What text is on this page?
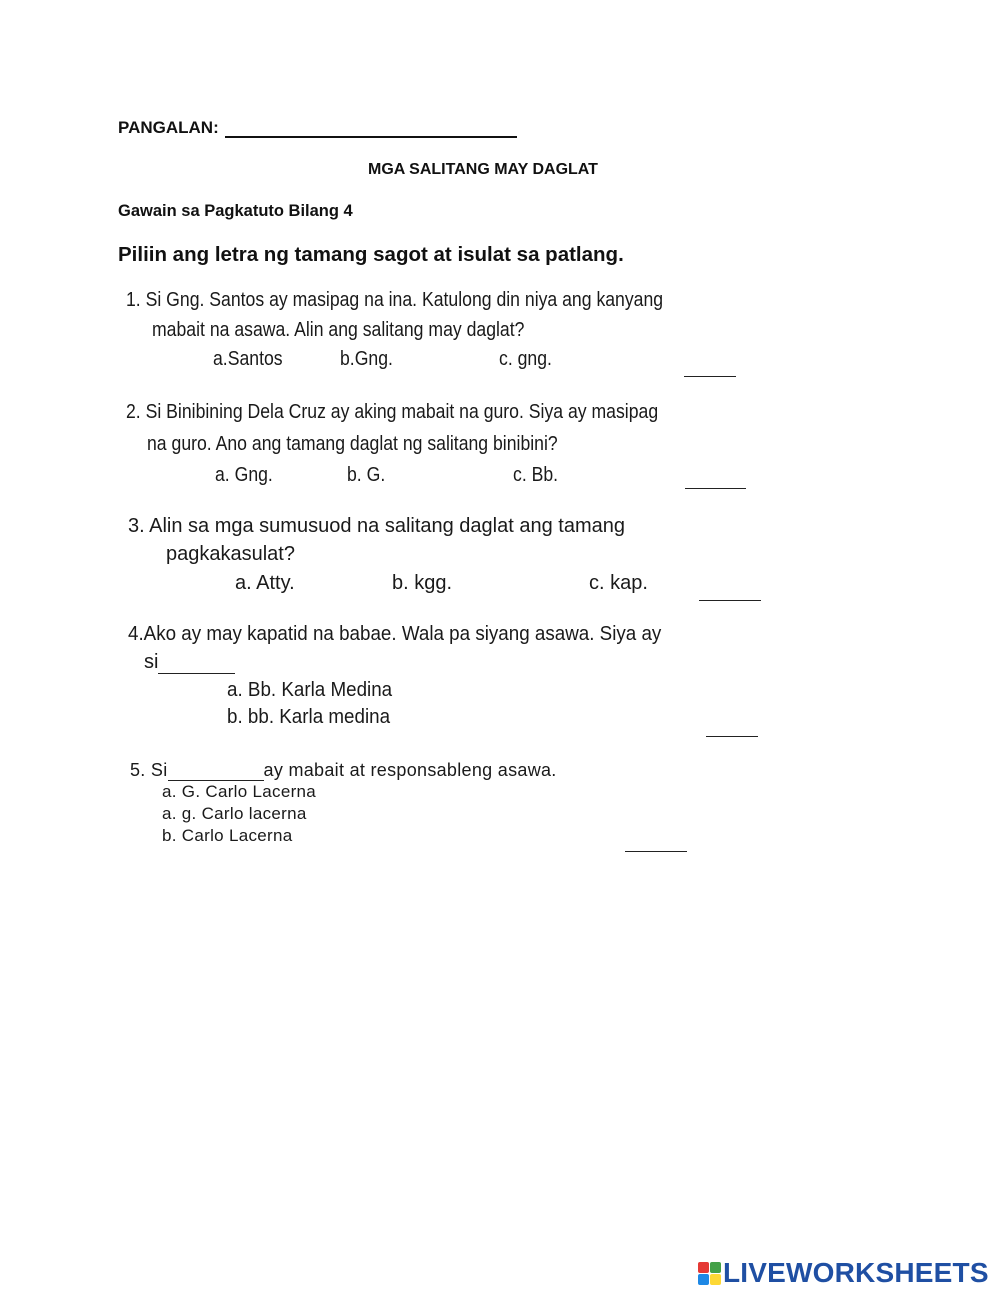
PANGALAN:
MGA SALITANG MAY DAGLAT
Gawain sa Pagkatuto Bilang 4
Piliin ang letra ng tamang sagot at isulat sa patlang.
1. Si Gng. Santos ay masipag na ina. Katulong din niya ang kanyang
mabait na asawa. Alin ang salitang may daglat?
a.Santos	b.Gng.	c. gng.
2. Si Binibining Dela Cruz ay aking mabait na guro. Siya ay masipag
na guro. Ano ang tamang daglat ng salitang binibini?
a. Gng.	b. G.	c. Bb.
3. Alin sa mga sumusuod na salitang daglat ang tamang
pagkakasulat?
a. Atty.	b. kgg.	c. kap.
4.Ako ay may kapatid na babae. Wala pa siyang asawa. Siya ay
si
a. Bb. Karla Medina
b. bb. Karla medina
5. Si	ay mabait at responsableng asawa.
a. G. Carlo Lacerna
a. g. Carlo lacerna
b. Carlo Lacerna
LIVEWORKSHEETS
